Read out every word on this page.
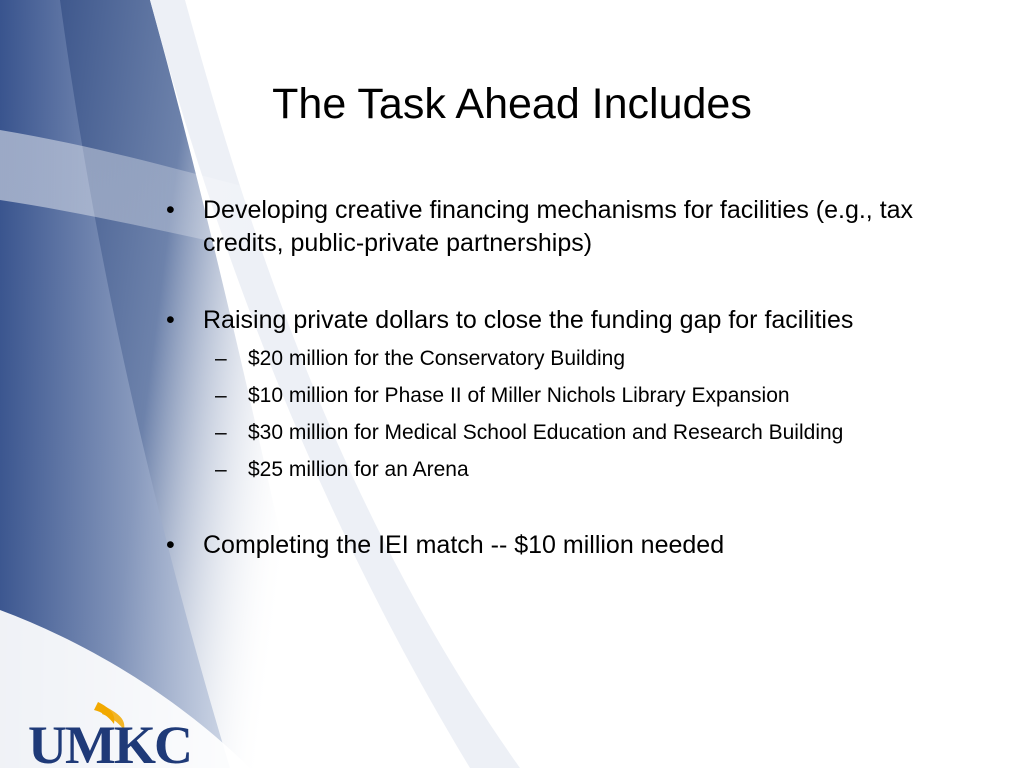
The Task Ahead Includes
• Developing creative financing mechanisms for facilities (e.g., tax credits, public-private partnerships)
• Raising private dollars to close the funding gap for facilities
– $20 million for the Conservatory Building
– $10 million for Phase II of Miller Nichols Library Expansion
– $30 million for Medical School Education and Research Building
– $25 million for an Arena
• Completing the IEI match -- $10 million needed
UMKC
